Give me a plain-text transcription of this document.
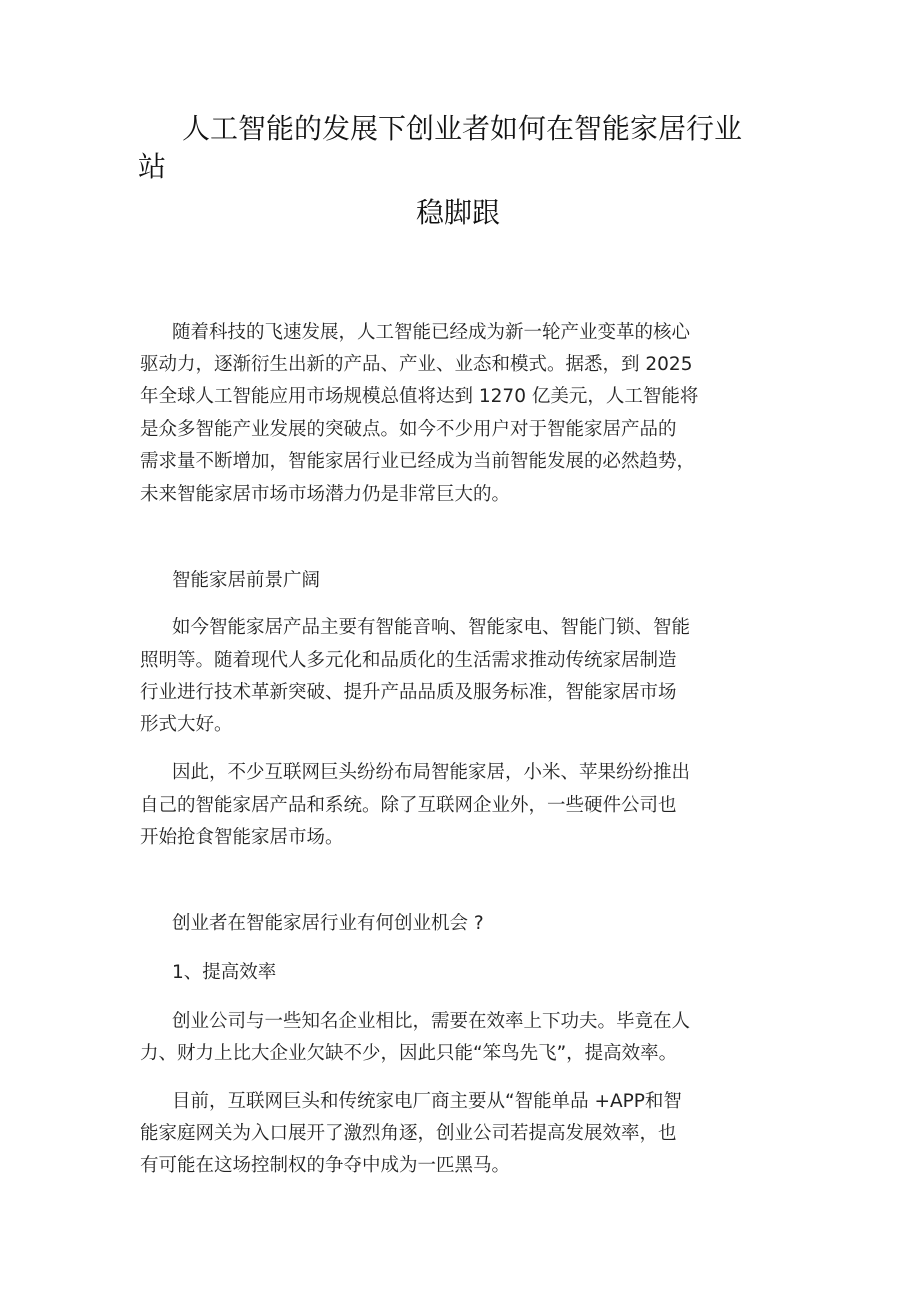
人工智能的发展下创业者如何在智能家居行业
站
稳脚跟
随着科技的飞速发展，人工智能已经成为新一轮产业变革的核心
驱动力，逐渐衍生出新的产品、产业、业态和模式。据悉，到 2025
年全球人工智能应用市场规模总值将达到 1270 亿美元，人工智能将
是众多智能产业发展的突破点。如今不少用户对于智能家居产品的
需求量不断增加，智能家居行业已经成为当前智能发展的必然趋势，
未来智能家居市场市场潜力仍是非常巨大的。
智能家居前景广阔
如今智能家居产品主要有智能音响、智能家电、智能门锁、智能
照明等。随着现代人多元化和品质化的生活需求推动传统家居制造
行业进行技术革新突破、提升产品品质及服务标准，智能家居市场
形式大好。
因此，不少互联网巨头纷纷布局智能家居，小米、苹果纷纷推出
自己的智能家居产品和系统。除了互联网企业外，一些硬件公司也
开始抢食智能家居市场。
创业者在智能家居行业有何创业机会 ?
1、提高效率
创业公司与一些知名企业相比，需要在效率上下功夫。毕竟在人
力、财力上比大企业欠缺不少，因此只能“笨鸟先飞”，提高效率。
目前，互联网巨头和传统家电厂商主要从“智能单品 +APP和智
能家庭网关为入口展开了激烈角逐，创业公司若提高发展效率，也
有可能在这场控制权的争夺中成为一匹黑马。
